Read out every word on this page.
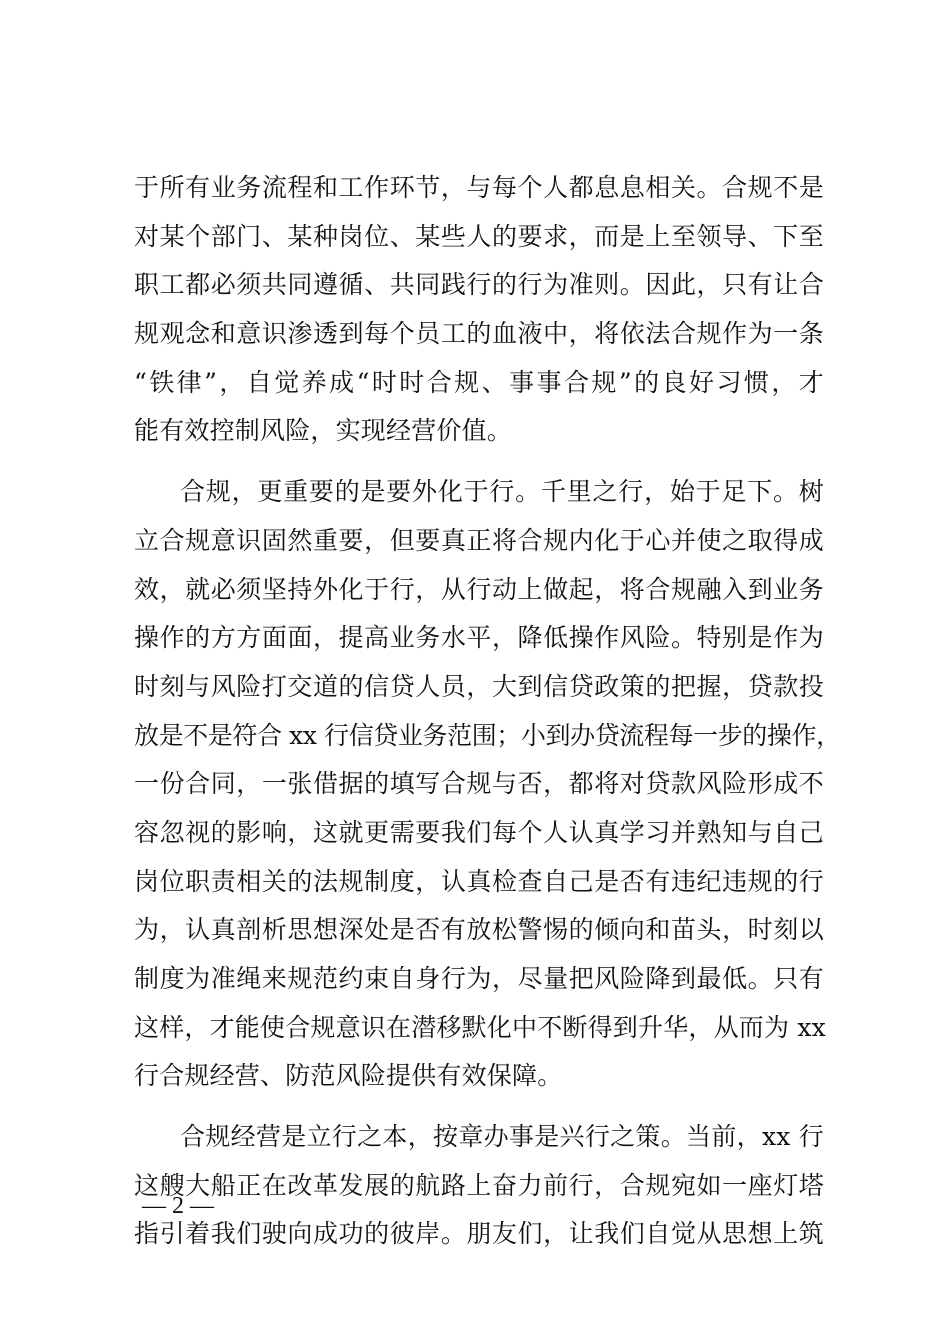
于所有业务流程和工作环节，与每个人都息息相关。合规不是
对某个部门、某种岗位、某些人的要求，而是上至领导、下至
职工都必须共同遵循、共同践行的行为准则。因此，只有让合
规观念和意识渗透到每个员工的血液中，将依法合规作为一条
“铁律”，自觉养成“时时合规、事事合规”的良好习惯，才
能有效控制风险，实现经营价值。
合规，更重要的是要外化于行。千里之行，始于足下。树
立合规意识固然重要，但要真正将合规内化于心并使之取得成
效，就必须坚持外化于行，从行动上做起，将合规融入到业务
操作的方方面面，提高业务水平，降低操作风险。特别是作为
时刻与风险打交道的信贷人员，大到信贷政策的把握，贷款投
放是不是符合 xx 行信贷业务范围；小到办贷流程每一步的操作，
一份合同，一张借据的填写合规与否，都将对贷款风险形成不
容忽视的影响，这就更需要我们每个人认真学习并熟知与自己
岗位职责相关的法规制度，认真检查自己是否有违纪违规的行
为，认真剖析思想深处是否有放松警惕的倾向和苗头，时刻以
制度为准绳来规范约束自身行为，尽量把风险降到最低。只有
这样，才能使合规意识在潜移默化中不断得到升华，从而为 xx
行合规经营、防范风险提供有效保障。
合规经营是立行之本，按章办事是兴行之策。当前，xx 行
这艘大船正在改革发展的航路上奋力前行，合规宛如一座灯塔
指引着我们驶向成功的彼岸。朋友们，让我们自觉从思想上筑
— 2 —
